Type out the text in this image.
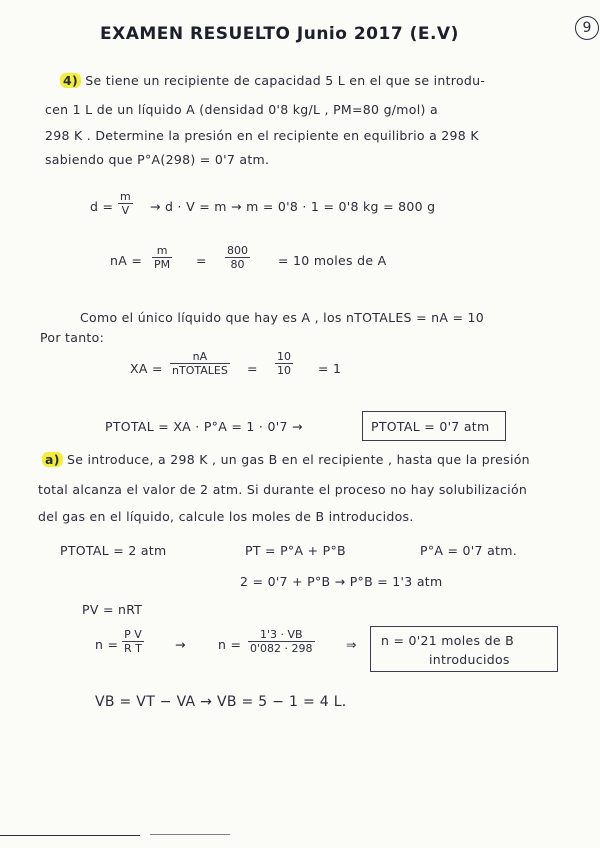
EXAMEN RESUELTO Junio 2017 (E.V)	9
4) Se tiene un recipiente de capacidad 5 L en el que se introdu-
cen 1 L de un líquido A (densidad 0'8 kg/L , PM=80 g/mol) a
298 K . Determine la presión en el recipiente en equilibrio a 298 K
sabiendo que P°A(298) = 0'7 atm.
$d = \frac{m}{V} \to d \cdot V = m \to m = 0'8 \cdot 1 = 0'8$ kg = 800 g
nA = $\frac{m}{PM} = \frac{800}{80} = 10$ moles de A
Como el único líquido que hay es A , los nTOTALES = nA = 10
Por tanto:
XA =
nA
nTOTALES = $\frac{10}{10} = 1$
PTOTAL = XA · P°A = 1 · 0'7 →	PTOTAL = 0'7 atm
a) Se introduce, a 298 K , un gas B en el recipiente , hasta que la presión
total alcanza el valor de 2 atm. Si durante el proceso no hay solubilización
del gas en el líquido, calcule los moles de B introducidos.
PTOTAL = 2 atm	PT = P°A + P°B	P°A = 0'7 atm.
2 = 0'7 + P°B → P°B = 1'3 atm
PV = nRT
$n = \frac{\text{P V}}{\text{R T}}$ →	$n = \frac{1'3 \cdot VB}{0'082 \cdot 298}$	⇒ n = 0'21 moles de B
introducidos
VB = VT − VA → VB = 5 − 1 = 4 L.
